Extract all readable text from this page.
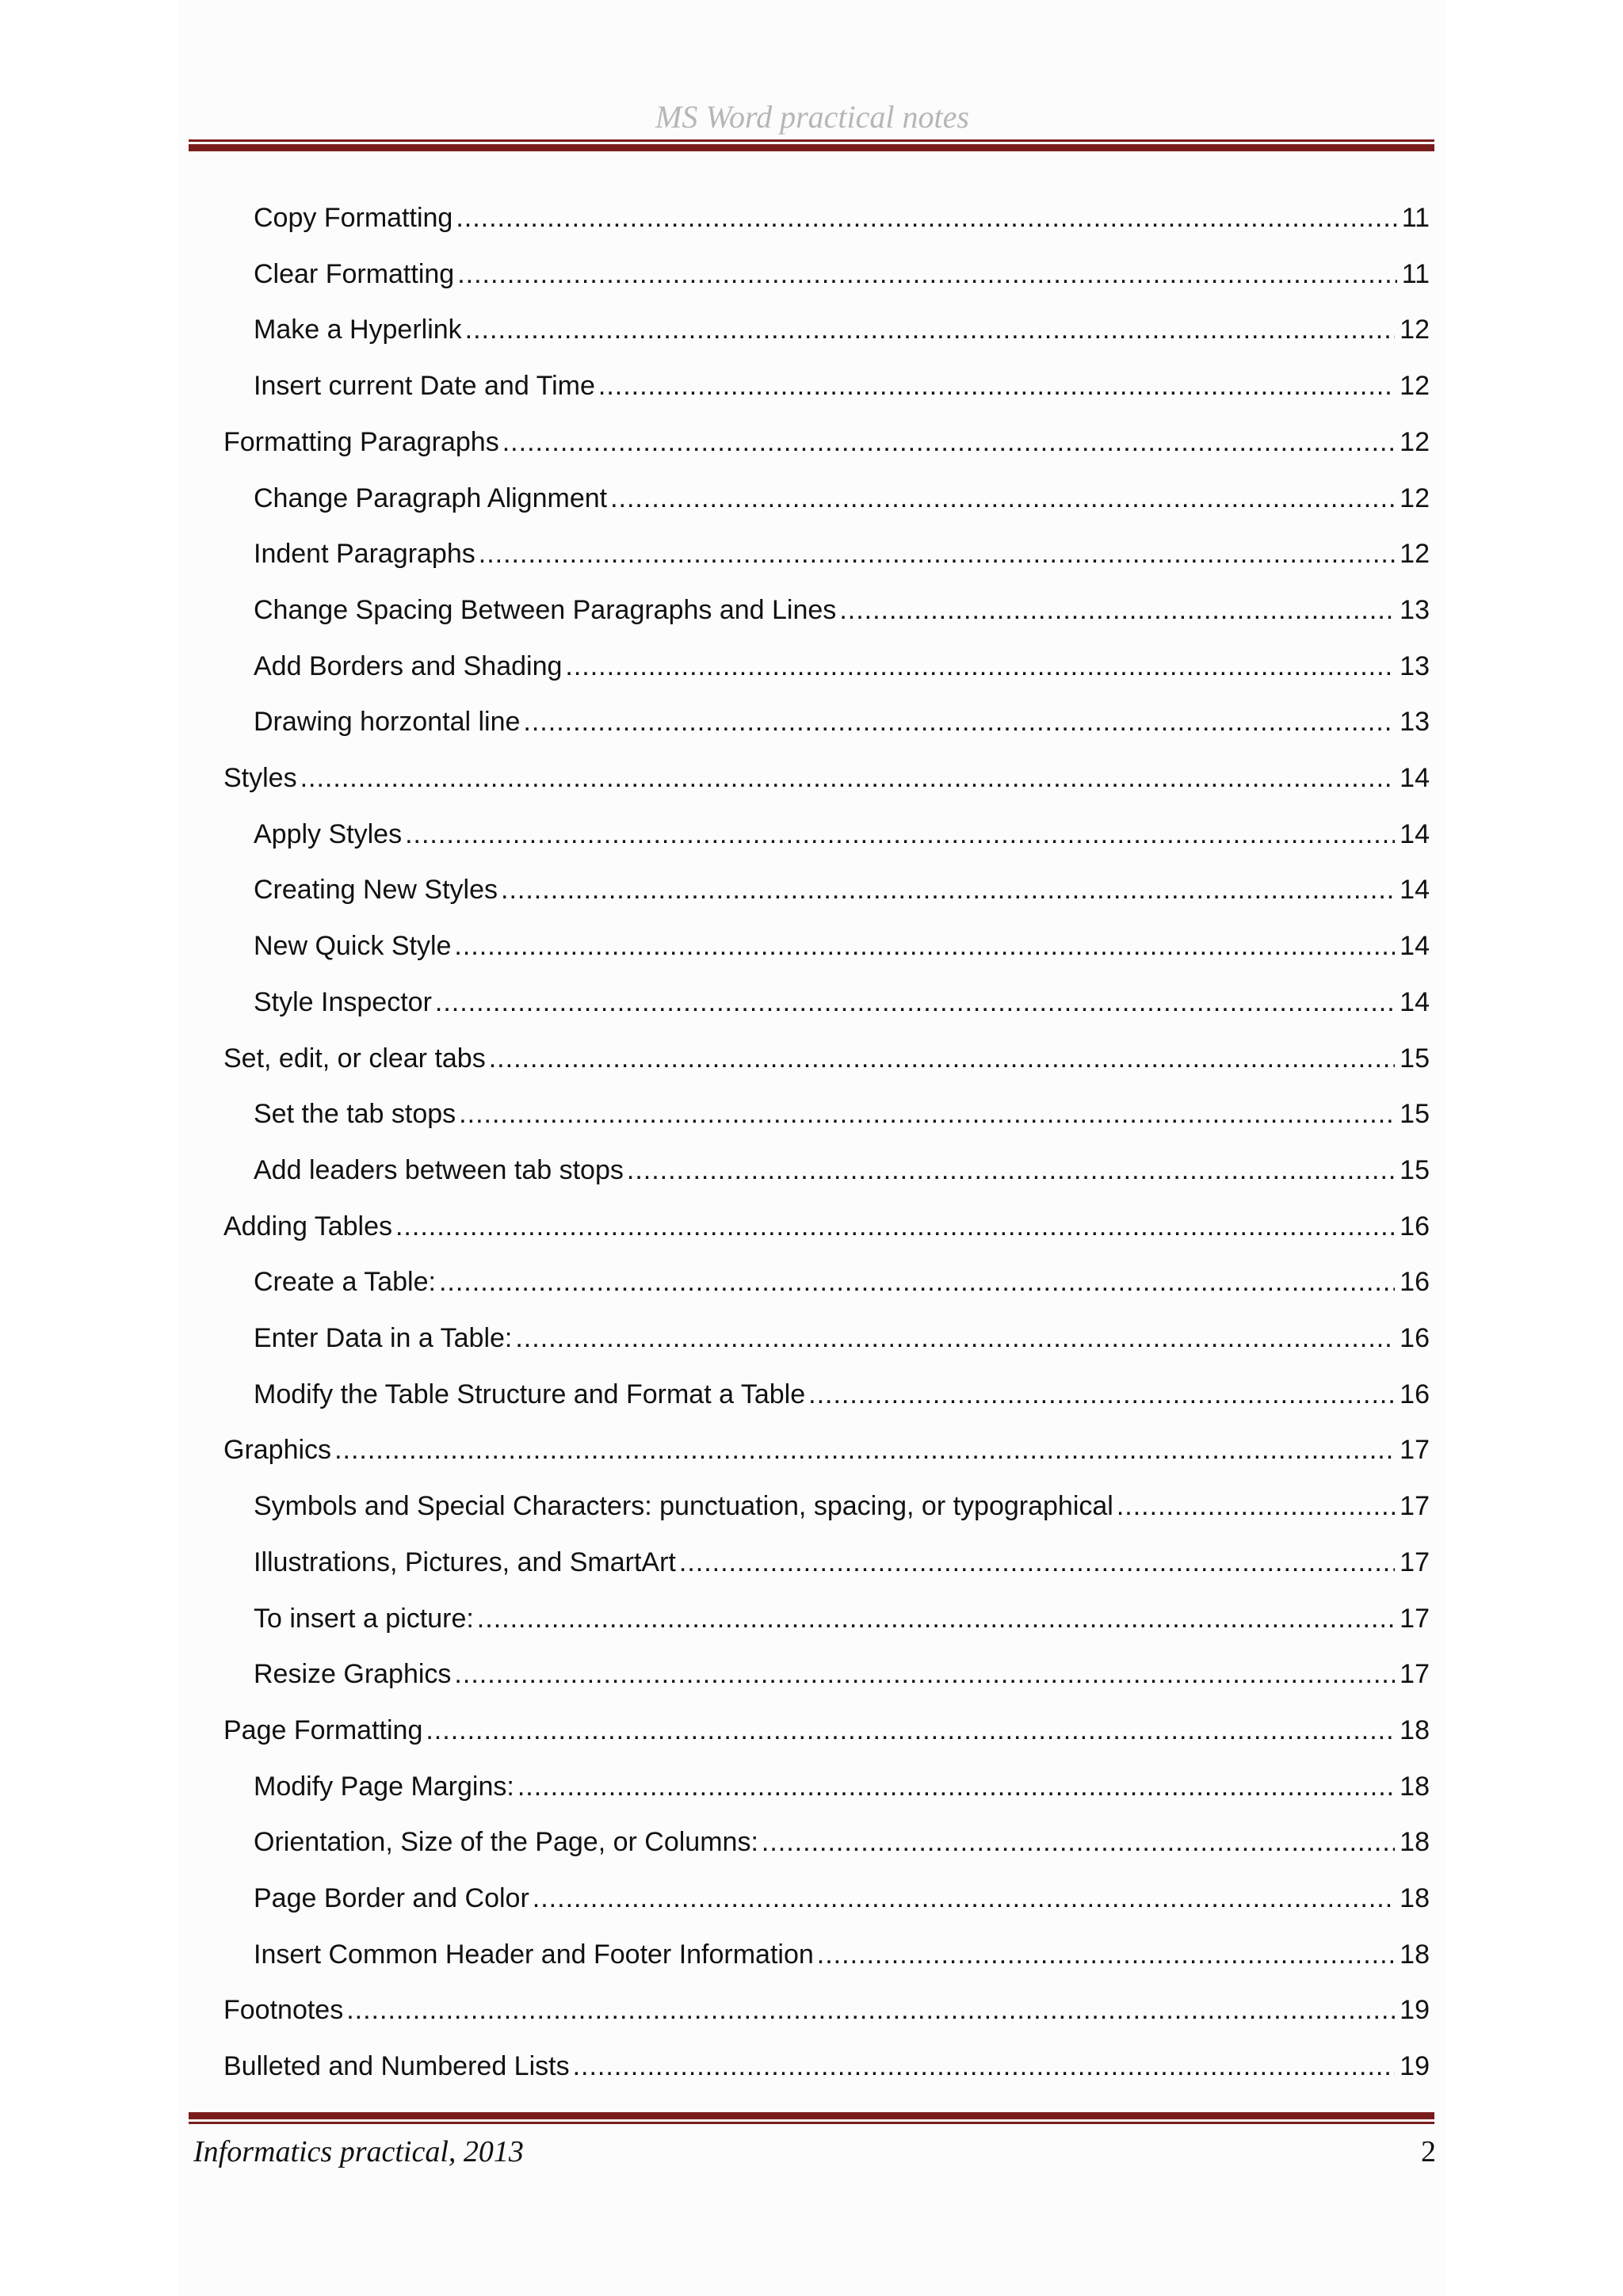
MS Word practical notes
Copy Formatting .....	11
Clear Formatting .....	11
Make a Hyperlink .....	12
Insert current Date and Time .....	12
Formatting Paragraphs .....	12
Change Paragraph Alignment .....	12
Indent Paragraphs .....	12
Change Spacing Between Paragraphs and Lines .....	13
Add Borders and Shading .....	13
Drawing horzontal line .....	13
Styles .....	14
Apply Styles .....	14
Creating New Styles .....	14
New Quick Style .....	14
Style Inspector .....	14
Set, edit, or clear tabs .....	15
Set the tab stops .....	15
Add leaders between tab stops .....	15
Adding Tables .....	16
Create a Table: .....	16
Enter Data in a Table: .....	16
Modify the Table Structure and Format a Table .....	16
Graphics .....	17
Symbols and Special Characters: punctuation, spacing, or typographical .....	17
Illustrations, Pictures, and SmartArt .....	17
To insert a picture: .....	17
Resize Graphics .....	17
Page Formatting .....	18
Modify Page Margins: .....	18
Orientation, Size of the Page, or Columns: .....	18
Page Border and Color .....	18
Insert Common Header and Footer Information .....	18
Footnotes .....	19
Bulleted and Numbered Lists .....	19
Informatics practical, 2013	2
